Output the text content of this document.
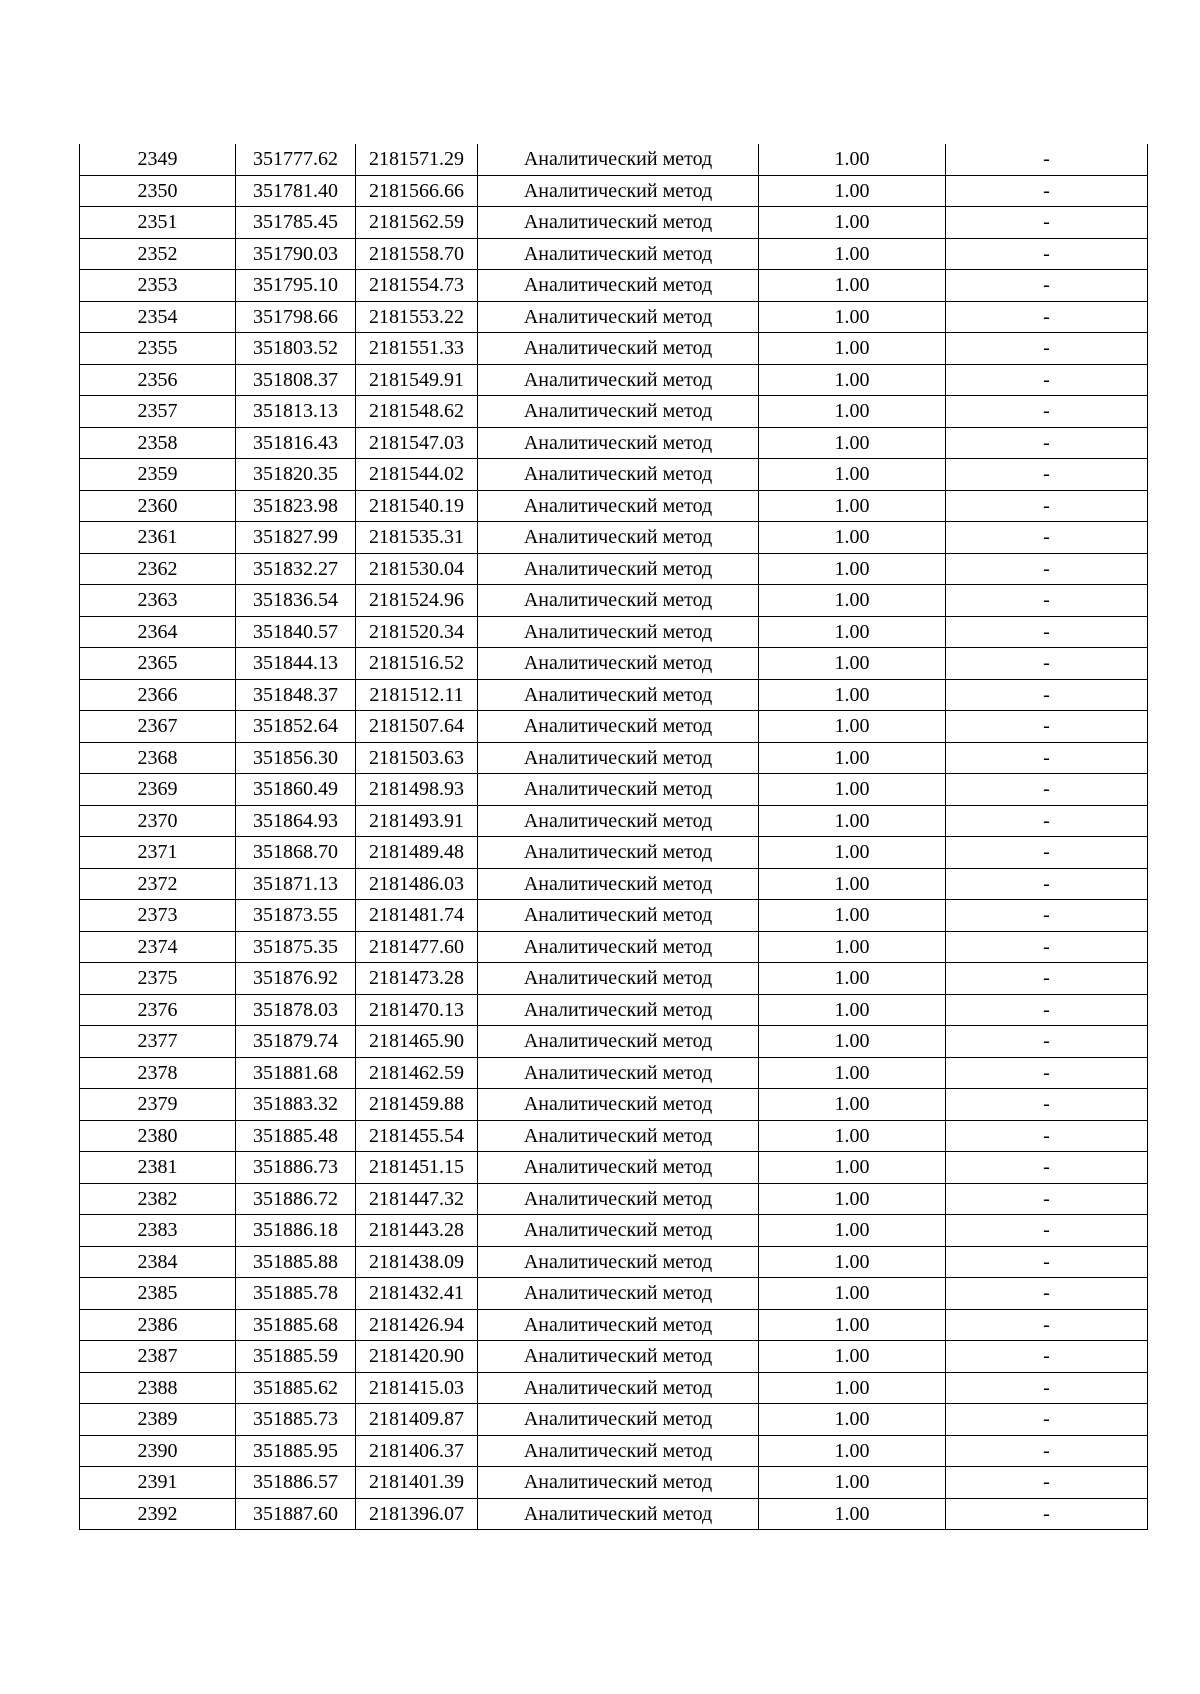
2349	351777.62	2181571.29	Аналитический метод	1.00	-
2350	351781.40	2181566.66	Аналитический метод	1.00	-
2351	351785.45	2181562.59	Аналитический метод	1.00	-
2352	351790.03	2181558.70	Аналитический метод	1.00	-
2353	351795.10	2181554.73	Аналитический метод	1.00	-
2354	351798.66	2181553.22	Аналитический метод	1.00	-
2355	351803.52	2181551.33	Аналитический метод	1.00	-
2356	351808.37	2181549.91	Аналитический метод	1.00	-
2357	351813.13	2181548.62	Аналитический метод	1.00	-
2358	351816.43	2181547.03	Аналитический метод	1.00	-
2359	351820.35	2181544.02	Аналитический метод	1.00	-
2360	351823.98	2181540.19	Аналитический метод	1.00	-
2361	351827.99	2181535.31	Аналитический метод	1.00	-
2362	351832.27	2181530.04	Аналитический метод	1.00	-
2363	351836.54	2181524.96	Аналитический метод	1.00	-
2364	351840.57	2181520.34	Аналитический метод	1.00	-
2365	351844.13	2181516.52	Аналитический метод	1.00	-
2366	351848.37	2181512.11	Аналитический метод	1.00	-
2367	351852.64	2181507.64	Аналитический метод	1.00	-
2368	351856.30	2181503.63	Аналитический метод	1.00	-
2369	351860.49	2181498.93	Аналитический метод	1.00	-
2370	351864.93	2181493.91	Аналитический метод	1.00	-
2371	351868.70	2181489.48	Аналитический метод	1.00	-
2372	351871.13	2181486.03	Аналитический метод	1.00	-
2373	351873.55	2181481.74	Аналитический метод	1.00	-
2374	351875.35	2181477.60	Аналитический метод	1.00	-
2375	351876.92	2181473.28	Аналитический метод	1.00	-
2376	351878.03	2181470.13	Аналитический метод	1.00	-
2377	351879.74	2181465.90	Аналитический метод	1.00	-
2378	351881.68	2181462.59	Аналитический метод	1.00	-
2379	351883.32	2181459.88	Аналитический метод	1.00	-
2380	351885.48	2181455.54	Аналитический метод	1.00	-
2381	351886.73	2181451.15	Аналитический метод	1.00	-
2382	351886.72	2181447.32	Аналитический метод	1.00	-
2383	351886.18	2181443.28	Аналитический метод	1.00	-
2384	351885.88	2181438.09	Аналитический метод	1.00	-
2385	351885.78	2181432.41	Аналитический метод	1.00	-
2386	351885.68	2181426.94	Аналитический метод	1.00	-
2387	351885.59	2181420.90	Аналитический метод	1.00	-
2388	351885.62	2181415.03	Аналитический метод	1.00	-
2389	351885.73	2181409.87	Аналитический метод	1.00	-
2390	351885.95	2181406.37	Аналитический метод	1.00	-
2391	351886.57	2181401.39	Аналитический метод	1.00	-
2392	351887.60	2181396.07	Аналитический метод	1.00	-
